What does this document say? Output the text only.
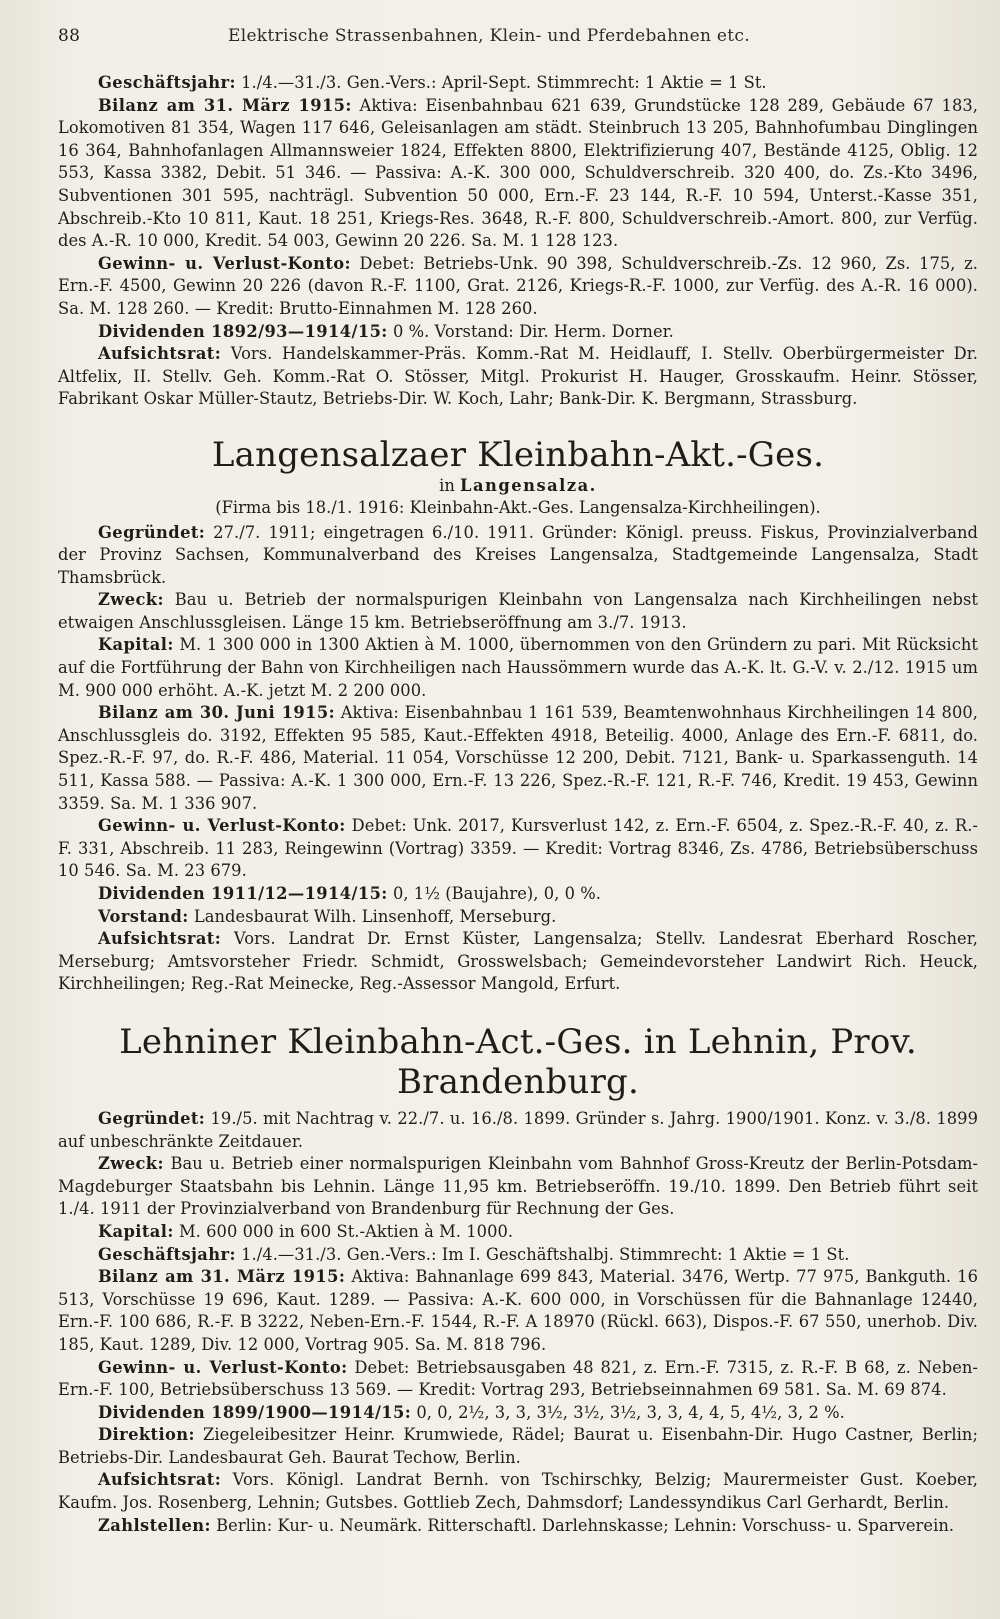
88	Elektrische Strassenbahnen, Klein- und Pferdebahnen etc.

Geschäftsjahr: 1./4.—31./3. Gen.-Vers.: April-Sept. Stimmrecht: 1 Aktie = 1 St.

Bilanz am 31. März 1915: Aktiva: Eisenbahnbau 621 639, Grundstücke 128 289, Gebäude 67 183, Lokomotiven 81 354, Wagen 117 646, Geleisanlagen am städt. Steinbruch 13 205, Bahnhofumbau Dinglingen 16 364, Bahnhofanlagen Allmannsweier 1824, Effekten 8800, Elektrifizierung 407, Bestände 4125, Oblig. 12 553, Kassa 3382, Debit. 51 346. — Passiva: A.-K. 300 000, Schuldverschreib. 320 400, do. Zs.-Kto 3496, Subventionen 301 595, nachträgl. Subvention 50 000, Ern.-F. 23 144, R.-F. 10 594, Unterst.-Kasse 351, Abschreib.-Kto 10 811, Kaut. 18 251, Kriegs-Res. 3648, R.-F. 800, Schuldverschreib.-Amort. 800, zur Verfüg. des A.-R. 10 000, Kredit. 54 003, Gewinn 20 226. Sa. M. 1 128 123.

Gewinn- u. Verlust-Konto: Debet: Betriebs-Unk. 90 398, Schuldverschreib.-Zs. 12 960, Zs. 175, z. Ern.-F. 4500, Gewinn 20 226 (davon R.-F. 1100, Grat. 2126, Kriegs-R.-F. 1000, zur Verfüg. des A.-R. 16 000). Sa. M. 128 260. — Kredit: Brutto-Einnahmen M. 128 260.

Dividenden 1892/93—1914/15: 0 %. Vorstand: Dir. Herm. Dorner.

Aufsichtsrat: Vors. Handelskammer-Präs. Komm.-Rat M. Heidlauff, I. Stellv. Oberbürgermeister Dr. Altfelix, II. Stellv. Geh. Komm.-Rat O. Stösser, Mitgl. Prokurist H. Hauger, Grosskaufm. Heinr. Stösser, Fabrikant Oskar Müller-Stautz, Betriebs-Dir. W. Koch, Lahr; Bank-Dir. K. Bergmann, Strassburg.

Langensalzaer Kleinbahn-Akt.-Ges.
in Langensalza.
(Firma bis 18./1. 1916: Kleinbahn-Akt.-Ges. Langensalza-Kirchheilingen).

Gegründet: 27./7. 1911; eingetragen 6./10. 1911. Gründer: Königl. preuss. Fiskus, Provinzialverband der Provinz Sachsen, Kommunalverband des Kreises Langensalza, Stadtgemeinde Langensalza, Stadt Thamsbrück.

Zweck: Bau u. Betrieb der normalspurigen Kleinbahn von Langensalza nach Kirchheilingen nebst etwaigen Anschlussgleisen. Länge 15 km. Betriebseröffnung am 3./7. 1913.

Kapital: M. 1 300 000 in 1300 Aktien à M. 1000, übernommen von den Gründern zu pari. Mit Rücksicht auf die Fortführung der Bahn von Kirchheiligen nach Haussömmern wurde das A.-K. lt. G.-V. v. 2./12. 1915 um M. 900 000 erhöht. A.-K. jetzt M. 2 200 000.

Bilanz am 30. Juni 1915: Aktiva: Eisenbahnbau 1 161 539, Beamtenwohnhaus Kirchheilingen 14 800, Anschlussgleis do. 3192, Effekten 95 585, Kaut.-Effekten 4918, Beteilig. 4000, Anlage des Ern.-F. 6811, do. Spez.-R.-F. 97, do. R.-F. 486, Material. 11 054, Vorschüsse 12 200, Debit. 7121, Bank- u. Sparkassenguth. 14 511, Kassa 588. — Passiva: A.-K. 1 300 000, Ern.-F. 13 226, Spez.-R.-F. 121, R.-F. 746, Kredit. 19 453, Gewinn 3359. Sa. M. 1 336 907.

Gewinn- u. Verlust-Konto: Debet: Unk. 2017, Kursverlust 142, z. Ern.-F. 6504, z. Spez.-R.-F. 40, z. R.-F. 331, Abschreib. 11 283, Reingewinn (Vortrag) 3359. — Kredit: Vortrag 8346, Zs. 4786, Betriebsüberschuss 10 546. Sa. M. 23 679.

Dividenden 1911/12—1914/15: 0, 1½ (Baujahre), 0, 0 %.

Vorstand: Landesbaurat Wilh. Linsenhoff, Merseburg.

Aufsichtsrat: Vors. Landrat Dr. Ernst Küster, Langensalza; Stellv. Landesrat Eberhard Roscher, Merseburg; Amtsvorsteher Friedr. Schmidt, Grosswelsbach; Gemeindevorsteher Landwirt Rich. Heuck, Kirchheilingen; Reg.-Rat Meinecke, Reg.-Assessor Mangold, Erfurt.

Lehniner Kleinbahn-Act.-Ges. in Lehnin, Prov. Brandenburg.

Gegründet: 19./5. mit Nachtrag v. 22./7. u. 16./8. 1899. Gründer s. Jahrg. 1900/1901. Konz. v. 3./8. 1899 auf unbeschränkte Zeitdauer.

Zweck: Bau u. Betrieb einer normalspurigen Kleinbahn vom Bahnhof Gross-Kreutz der Berlin-Potsdam-Magdeburger Staatsbahn bis Lehnin. Länge 11,95 km. Betriebseröffn. 19./10. 1899. Den Betrieb führt seit 1./4. 1911 der Provinzialverband von Brandenburg für Rechnung der Ges.

Kapital: M. 600 000 in 600 St.-Aktien à M. 1000.

Geschäftsjahr: 1./4.—31./3. Gen.-Vers.: Im I. Geschäftshalbj. Stimmrecht: 1 Aktie = 1 St.

Bilanz am 31. März 1915: Aktiva: Bahnanlage 699 843, Material. 3476, Wertp. 77 975, Bankguth. 16 513, Vorschüsse 19 696, Kaut. 1289. — Passiva: A.-K. 600 000, in Vorschüssen für die Bahnanlage 12440, Ern.-F. 100 686, R.-F. B 3222, Neben-Ern.-F. 1544, R.-F. A 18970 (Rückl. 663), Dispos.-F. 67 550, unerhob. Div. 185, Kaut. 1289, Div. 12 000, Vortrag 905. Sa. M. 818 796.

Gewinn- u. Verlust-Konto: Debet: Betriebsausgaben 48 821, z. Ern.-F. 7315, z. R.-F. B 68, z. Neben-Ern.-F. 100, Betriebsüberschuss 13 569. — Kredit: Vortrag 293, Betriebseinnahmen 69 581. Sa. M. 69 874.

Dividenden 1899/1900—1914/15: 0, 0, 2½, 3, 3, 3½, 3½, 3½, 3, 3, 4, 4, 5, 4½, 3, 2 %.

Direktion: Ziegeleibesitzer Heinr. Krumwiede, Rädel; Baurat u. Eisenbahn-Dir. Hugo Castner, Berlin; Betriebs-Dir. Landesbaurat Geh. Baurat Techow, Berlin.

Aufsichtsrat: Vors. Königl. Landrat Bernh. von Tschirschky, Belzig; Maurermeister Gust. Koeber, Kaufm. Jos. Rosenberg, Lehnin; Gutsbes. Gottlieb Zech, Dahmsdorf; Landessyndikus Carl Gerhardt, Berlin.

Zahlstellen: Berlin: Kur- u. Neumärk. Ritterschaftl. Darlehnskasse; Lehnin: Vorschuss- u. Sparverein.
